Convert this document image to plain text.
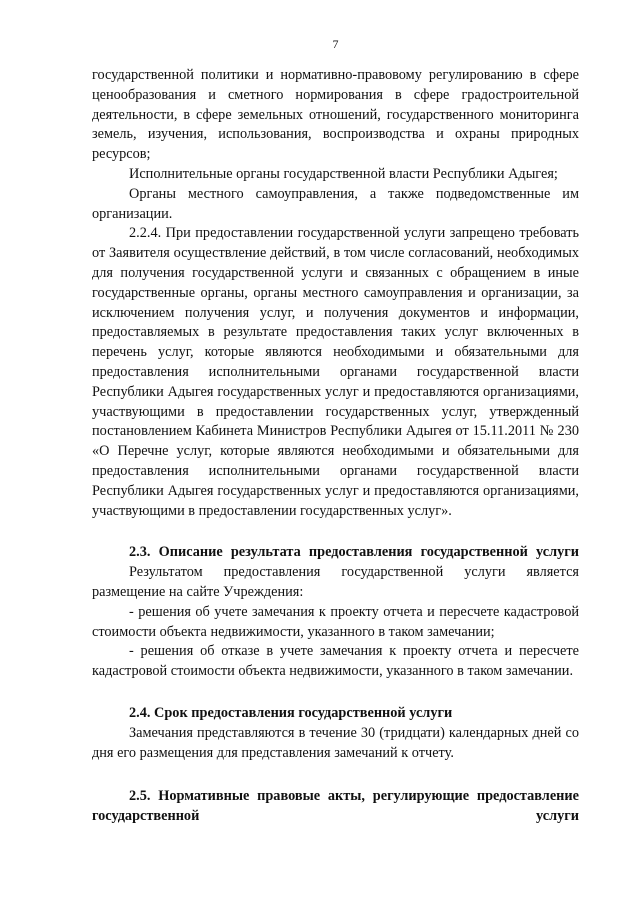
7

государственной политики и нормативно-правовому регулированию в сфере ценообразования и сметного нормирования в сфере градостроительной деятельности, в сфере земельных отношений, государственного мониторинга земель, изучения, использования, воспроизводства и охраны природных ресурсов;

Исполнительные органы государственной власти Республики Адыгея;

Органы местного самоуправления, а также подведомственные им организации.

2.2.4. При предоставлении государственной услуги запрещено требовать от Заявителя осуществление действий, в том числе согласований, необходимых для получения государственной услуги и связанных с обращением в иные государственные органы, органы местного самоуправления и организации, за исключением получения услуг, и получения документов и информации, предоставляемых в результате предоставления таких услуг включенных в перечень услуг, которые являются необходимыми и обязательными для предоставления исполнительными органами государственной власти Республики Адыгея государственных услуг и предоставляются организациями, участвующими в предоставлении государственных услуг, утвержденный постановлением Кабинета Министров Республики Адыгея от 15.11.2011 № 230 «О Перечне услуг, которые являются необходимыми и обязательными для предоставления исполнительными органами государственной власти Республики Адыгея государственных услуг и предоставляются организациями, участвующими в предоставлении государственных услуг».

2.3. Описание результата предоставления государственной услуги

Результатом предоставления государственной услуги является размещение на сайте Учреждения:

- решения об учете замечания к проекту отчета и пересчете кадастровой стоимости объекта недвижимости, указанного в таком замечании;

- решения об отказе в учете замечания к проекту отчета и пересчете кадастровой стоимости объекта недвижимости, указанного в таком замечании.

2.4. Срок предоставления государственной услуги

Замечания представляются в течение 30 (тридцати) календарных дней со дня его размещения для представления замечаний к отчету.

2.5. Нормативные правовые акты, регулирующие предоставление государственной услуги
